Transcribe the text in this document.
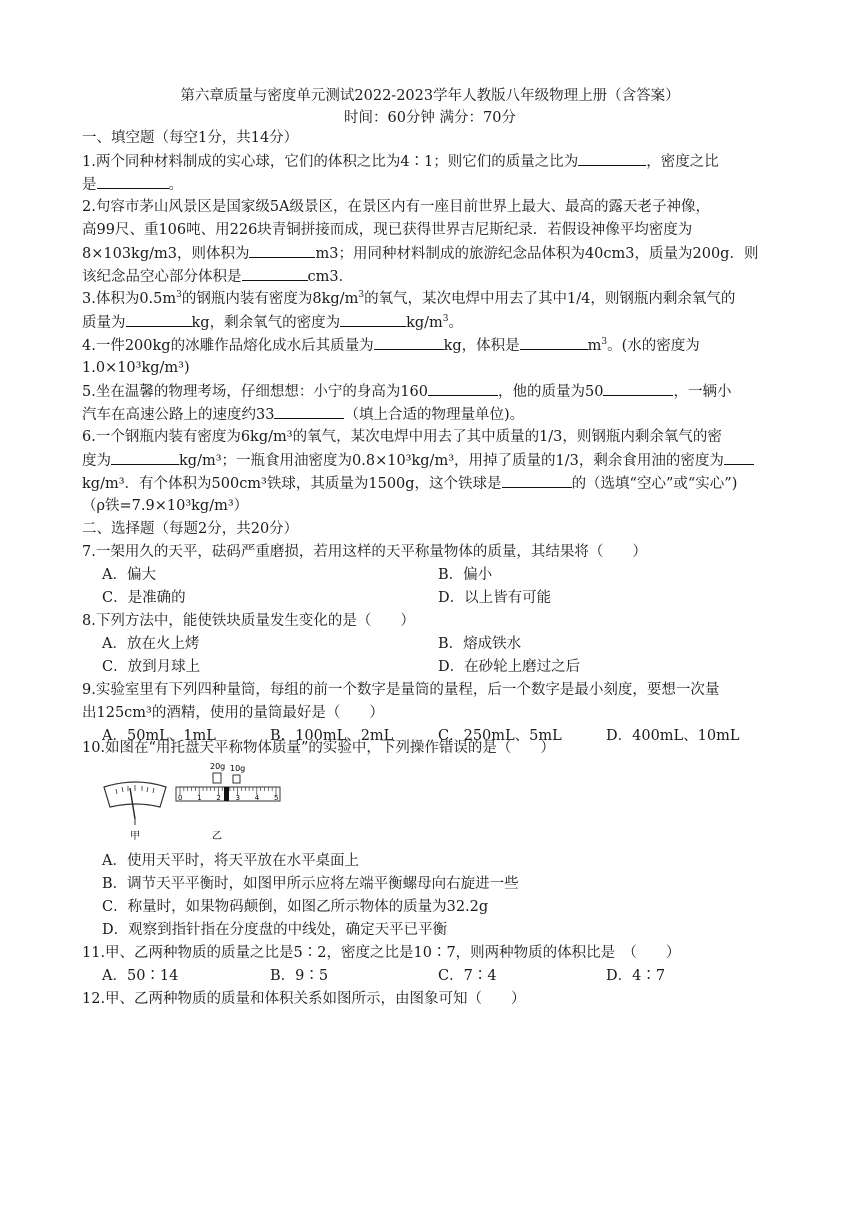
第六章质量与密度单元测试2022-2023学年人教版八年级物理上册（含答案）
时间：60分钟 满分：70分
一、填空题（每空1分，共14分）
1.两个同种材料制成的实心球，它们的体积之比为4∶1；则它们的质量之比为	，密度之比
是	。
2.句容市茅山风景区是国家级5A级景区，在景区内有一座目前世界上最大、最高的露天老子神像，
高99尺、重106吨、用226块青铜拼接而成，现已获得世界吉尼斯纪录．若假设神像平均密度为
8×103kg/m3，则体积为	m3；用同种材料制成的旅游纪念品体积为40cm3，质量为200g．则
该纪念品空心部分体积是	cm3．
3.体积为$0.5m^3$的钢瓶内装有密度为$8kg/m^3$的氧气，某次电焊中用去了其中1/4，则钢瓶内剩余氧气的
质量为	kg，剩余氧气的密度为	$kg/m^3$。
4.一件200kg的冰雕作品熔化成水后其质量为	kg，体积是	$m^3$。(水的密度为
1.0×10³kg/m³)
5.坐在温馨的物理考场，仔细想想：小宁的身高为160	，他的质量为50	，一辆小
汽车在高速公路上的速度约33	（填上合适的物理量单位)。
6.一个钢瓶内装有密度为6kg/m³的氧气，某次电焊中用去了其中质量的1/3，则钢瓶内剩余氧气的密
度为	kg/m³；一瓶食用油密度为0.8×10³kg/m³，用掉了质量的1/3，剩余食用油的密度为
kg/m³．有个体积为500cm³铁球，其质量为1500g，这个铁球是	的（选填“空心”或“实心”)
（ρ铁=7.9×10³kg/m³）
二、选择题（每题2分，共20分）
7.一架用久的天平，砝码严重磨损，若用这样的天平称量物体的质量，其结果将（　　）
A．偏大	B．偏小
C．是准确的	D．以上皆有可能
8.下列方法中，能使铁块质量发生变化的是（　　）
A．放在火上烤	B．熔成铁水
C．放到月球上	D．在砂轮上磨过之后
9.实验室里有下列四种量筒，每组的前一个数字是量筒的量程，后一个数字是最小刻度，要想一次量
出125cm³的酒精，使用的量筒最好是（　　）
A．50mL、1mL	B．100mL、2mL	C．250mL、5mL	D．400mL、10mL
10.如图在“用托盘天平称物体质量”的实验中，下列操作错误的是（　　）
甲
20g 10g
0 1 2 3 4 5
乙
A．使用天平时，将天平放在水平桌面上
B．调节天平平衡时，如图甲所示应将左端平衡螺母向右旋进一些
C．称量时，如果物码颠倒，如图乙所示物体的质量为32.2g
D．观察到指针指在分度盘的中线处，确定天平已平衡
11.甲、乙两种物质的质量之比是5∶2，密度之比是10∶7，则两种物质的体积比是　（　　）
A．50∶14	B．9∶5	C．7∶4	D．4∶7
12.甲、乙两种物质的质量和体积关系如图所示，由图象可知（　　）
